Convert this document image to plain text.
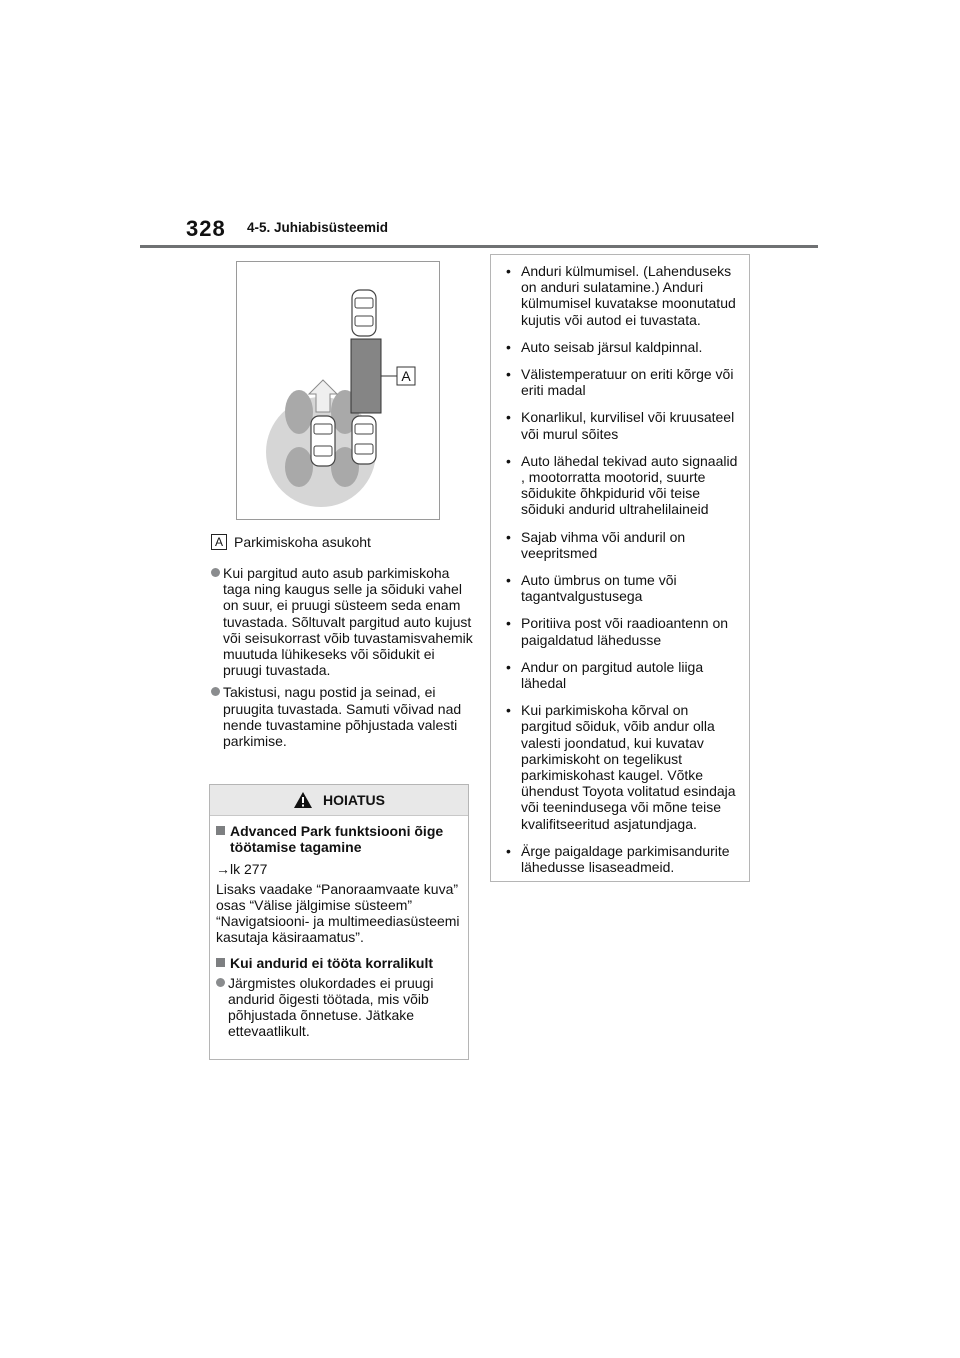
328 4-5. Juhiabisüsteemid
A
A Parkimiskoha asukoht

Kui pargitud auto asub parkimiskoha taga ning kaugus selle ja sõiduki vahel on suur, ei pruugi süsteem seda enam tuvastada. Sõltuvalt pargitud auto kujust või seisukorrast võib tuvastamisvahemik muutuda lühikeseks või sõidukit ei pruugi tuvastada.

Takistusi, nagu postid ja seinad, ei pruugita tuvastada. Samuti võivad nad nende tuvastamine põhjustada valesti parkimise.

HOIATUS
Advanced Park funktsiooni õige töötamise tagamine
→lk 277
Lisaks vaadake “Panoraamvaate kuva” osas “Välise jälgimise süsteem” “Navigatsiooni- ja multimeediasüsteemi kasutaja käsiraamatus”.
Kui andurid ei tööta korralikult

Järgmistes olukordades ei pruugi andurid õigesti töötada, mis võib põhjustada õnnetuse. Jätkake ettevaatlikult.

• Anduri külmumisel. (Lahenduseks on anduri sulatamine.) Anduri külmumisel kuvatakse moonutatud kujutis või autod ei tuvastata.
• Auto seisab järsul kaldpinnal.
• Välistemperatuur on eriti kõrge või eriti madal
• Konarlikul, kurvilisel või kruusateel või murul sõites
• Auto lähedal tekivad auto signaalid , mootorratta mootorid, suurte sõidukite õhkpidurid või teise sõiduki andurid ultrahelilaineid
• Sajab vihma või anduril on veepritsmed
• Auto ümbrus on tume või tagantvalgustusega
• Poritiiva post või raadioantenn on paigaldatud lähedusse
• Andur on pargitud autole liiga lähedal
• Kui parkimiskoha kõrval on pargitud sõiduk, võib andur olla valesti joondatud, kui kuvatav parkimiskoht on tegelikust parkimiskohast kaugel. Võtke ühendust Toyota volitatud esindaja või teenindusega või mõne teise kvalifitseeritud asjatundjaga.
• Ärge paigaldage parkimisandurite lähedusse lisaseadmeid.
